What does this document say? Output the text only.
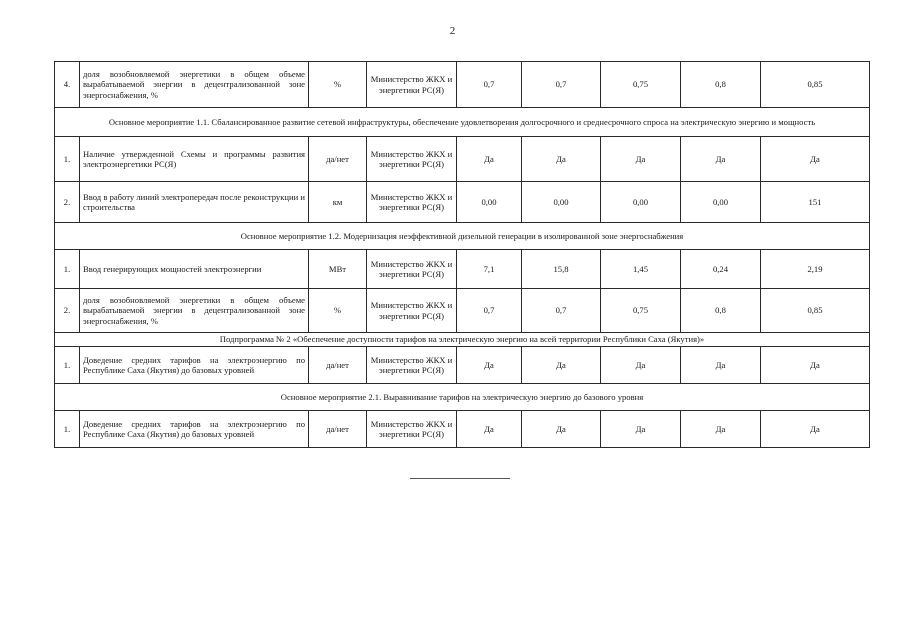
2
4.	доля возобновляемой энергетики в общем объеме вырабатываемой энергии в децентрализованной зоне энергоснабжения, %	%	Министерство ЖКХ и энергетики РС(Я)	0,7	0,7	0,75	0,8	0,85
Основное мероприятие 1.1. Сбалансированное развитие сетевой инфраструктуры, обеспечение удовлетворения долгосрочного и среднесрочного спроса на электрическую энергию и мощность								
1.	Наличие утвержденной Схемы и программы развития электроэнергетики РС(Я)	да/нет	Министерство ЖКХ и энергетики РС(Я)	Да	Да	Да	Да	Да
2.	Ввод в работу линий электропередач после реконструкции и строительства	км	Министерство ЖКХ и энергетики РС(Я)	0,00	0,00	0,00	0,00	151
Основное мероприятие 1.2. Модернизация неэффективной дизельной генерации в изолированной зоне энергоснабжения								
1.	Ввод генерирующих мощностей электроэнергии	МВт	Министерство ЖКХ и энергетики РС(Я)	7,1	15,8	1,45	0,24	2,19
2.	доля возобновляемой энергетики в общем объеме вырабатываемой энергии в децентрализованной зоне энергоснабжения, %	%	Министерство ЖКХ и энергетики РС(Я)	0,7	0,7	0,75	0,8	0,85
Подпрограмма № 2 «Обеспечение доступности тарифов на электрическую энергию на всей территории Республики Саха (Якутия)»								
1.	Доведение средних тарифов на электроэнергию по Республике Саха (Якутия) до базовых уровней	да/нет	Министерство ЖКХ и энергетики РС(Я)	Да	Да	Да	Да	Да
Основное мероприятие 2.1. Выравнивание тарифов на электрическую энергию до базового уровня								
1.	Доведение средних тарифов на электроэнергию по Республике Саха (Якутия) до базовых уровней	да/нет	Министерство ЖКХ и энергетики РС(Я)	Да	Да	Да	Да	Да
